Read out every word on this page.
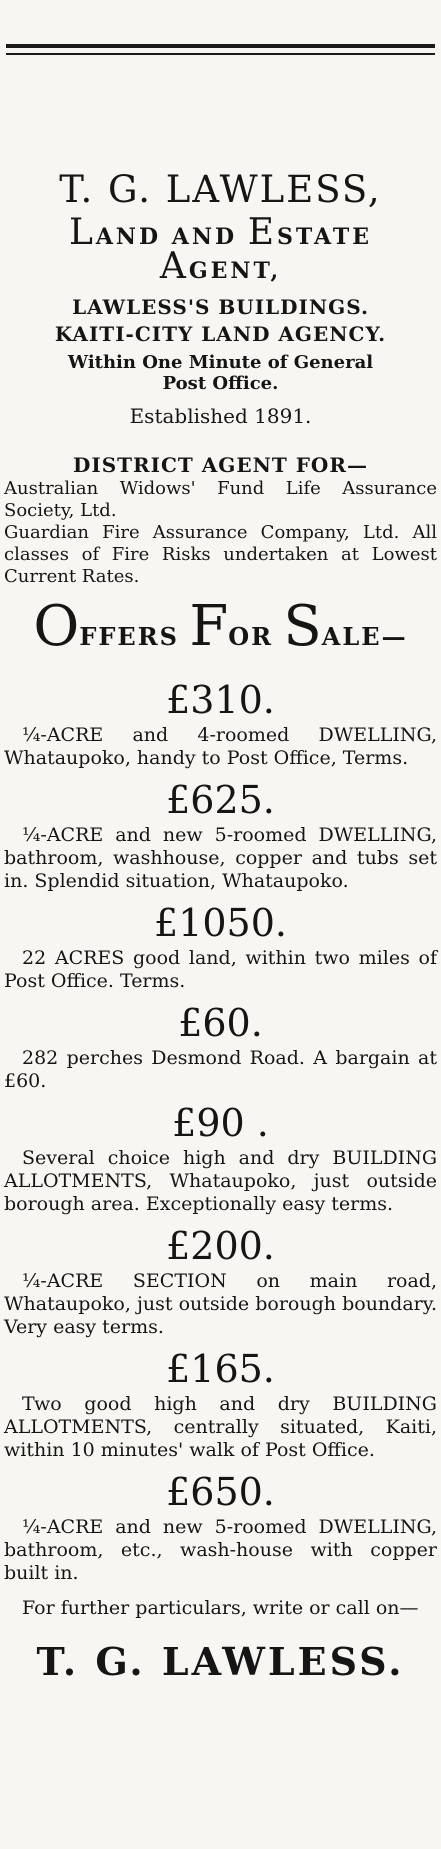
T. G. LAWLESS,

LAND AND ESTATE AGENT,

LAWLESS'S BUILDINGS.

KAITI-CITY LAND AGENCY.

Within One Minute of General Post Office.

Established 1891.

DISTRICT AGENT FOR—

Australian Widows' Fund Life Assurance Society, Ltd.

Guardian Fire Assurance Company, Ltd. All classes of Fire Risks undertaken at Lowest Current Rates.

OFFERS FOR SALE—

£310.

¼-ACRE and 4-roomed DWELLING, Whataupoko, handy to Post Office, Terms.

£625.

¼-ACRE and new 5-roomed DWELLING, bathroom, washhouse, copper and tubs set in. Splendid situation, Whataupoko.

£1050.

22 ACRES good land, within two miles of Post Office. Terms.

£60.

282 perches Desmond Road. A bargain at £60.

£90 .

Several choice high and dry BUILDING ALLOTMENTS, Whataupoko, just outside borough area. Exceptionally easy terms.

£200.

¼-ACRE SECTION on main road, Whataupoko, just outside borough boundary. Very easy terms.

£165.

Two good high and dry BUILDING ALLOTMENTS, centrally situated, Kaiti, within 10 minutes' walk of Post Office.

£650.

¼-ACRE and new 5-roomed DWELLING, bathroom, etc., wash-house with copper built in.

For further particulars, write or call on—

T. G. LAWLESS.
